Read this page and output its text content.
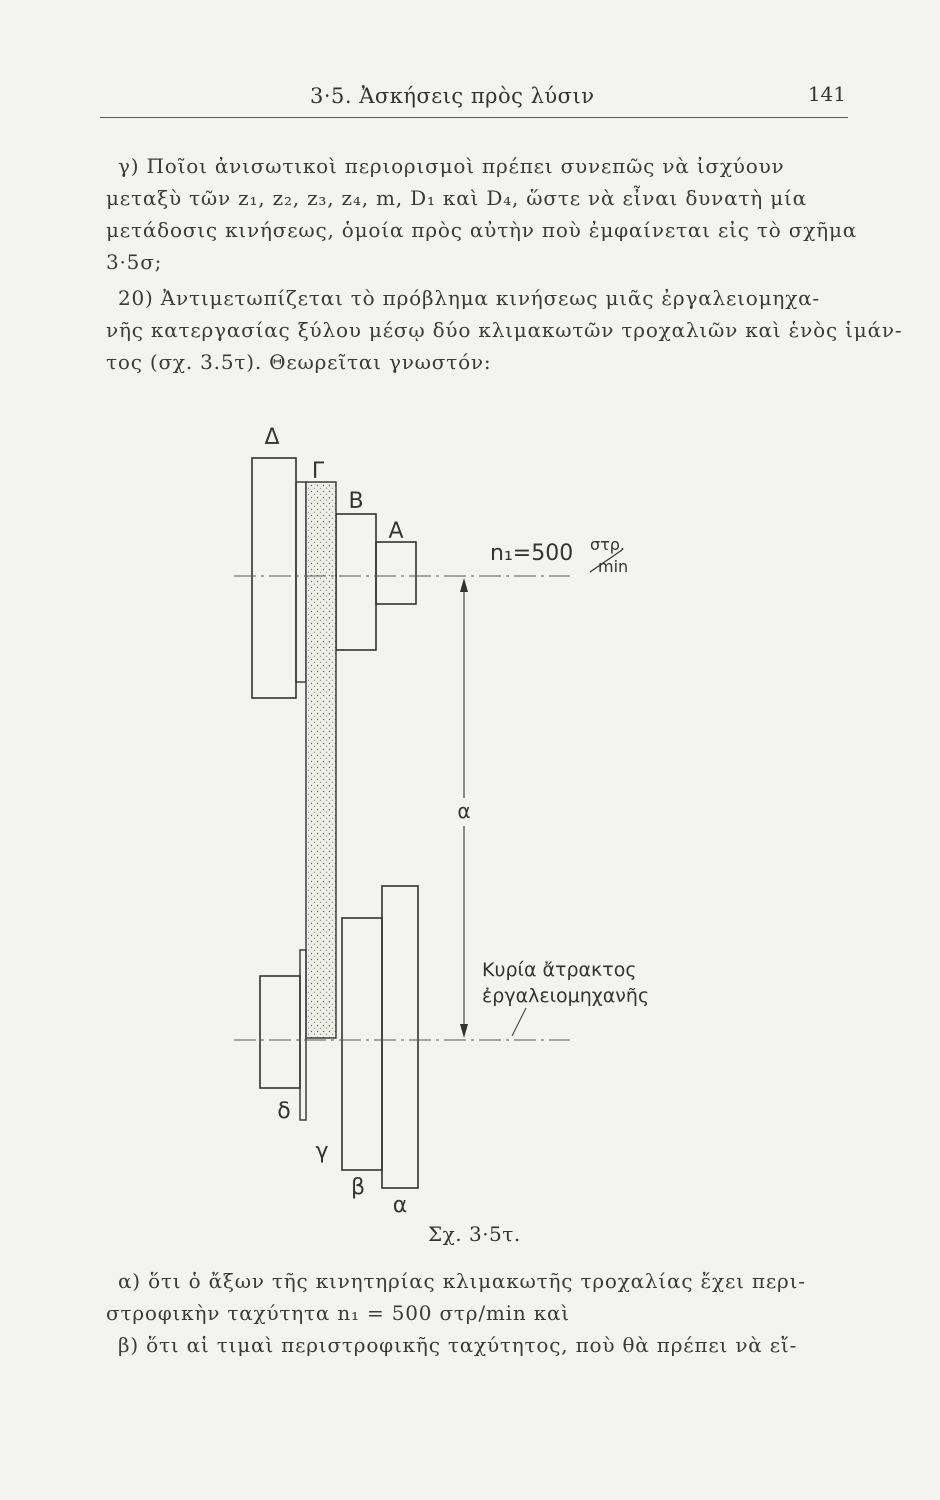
3·5. Ἀσκήσεις πρὸς λύσιν	141
γ) Ποῖοι ἀνισωτικοὶ περιορισμοὶ πρέπει συνεπῶς νὰ ἰσχύουν
μεταξὺ τῶν z₁, z₂, z₃, z₄, m, D₁ καὶ D₄, ὥστε νὰ εἶναι δυνατὴ μία
μετάδοσις κινήσεως, ὁμοία πρὸς αὐτὴν ποὺ ἐμφαίνεται εἰς τὸ σχῆμα
3·5σ;
20) Ἀντιμετωπίζεται τὸ πρόβλημα κινήσεως μιᾶς ἐργαλειομηχα-
νῆς κατεργασίας ξύλου μέσῳ δύο κλιμακωτῶν τροχαλιῶν καὶ ἑνὸς ἱμάν-
τος (σχ. 3.5τ). Θεωρεῖται γνωστόν:
α
Δ
Γ
Β
Α
n₁=500 στρ.
min
Κυρία ἄτρακτος
ἐργαλειομηχανῆς
δ
γ
β
α
Σχ. 3·5τ.
α) ὅτι ὁ ἄξων τῆς κινητηρίας κλιμακωτῆς τροχαλίας ἔχει περι-
στροφικὴν ταχύτητα n₁ = 500 στρ/min καὶ
β) ὅτι αἱ τιμαὶ περιστροφικῆς ταχύτητος, ποὺ θὰ πρέπει νὰ εἴ-
